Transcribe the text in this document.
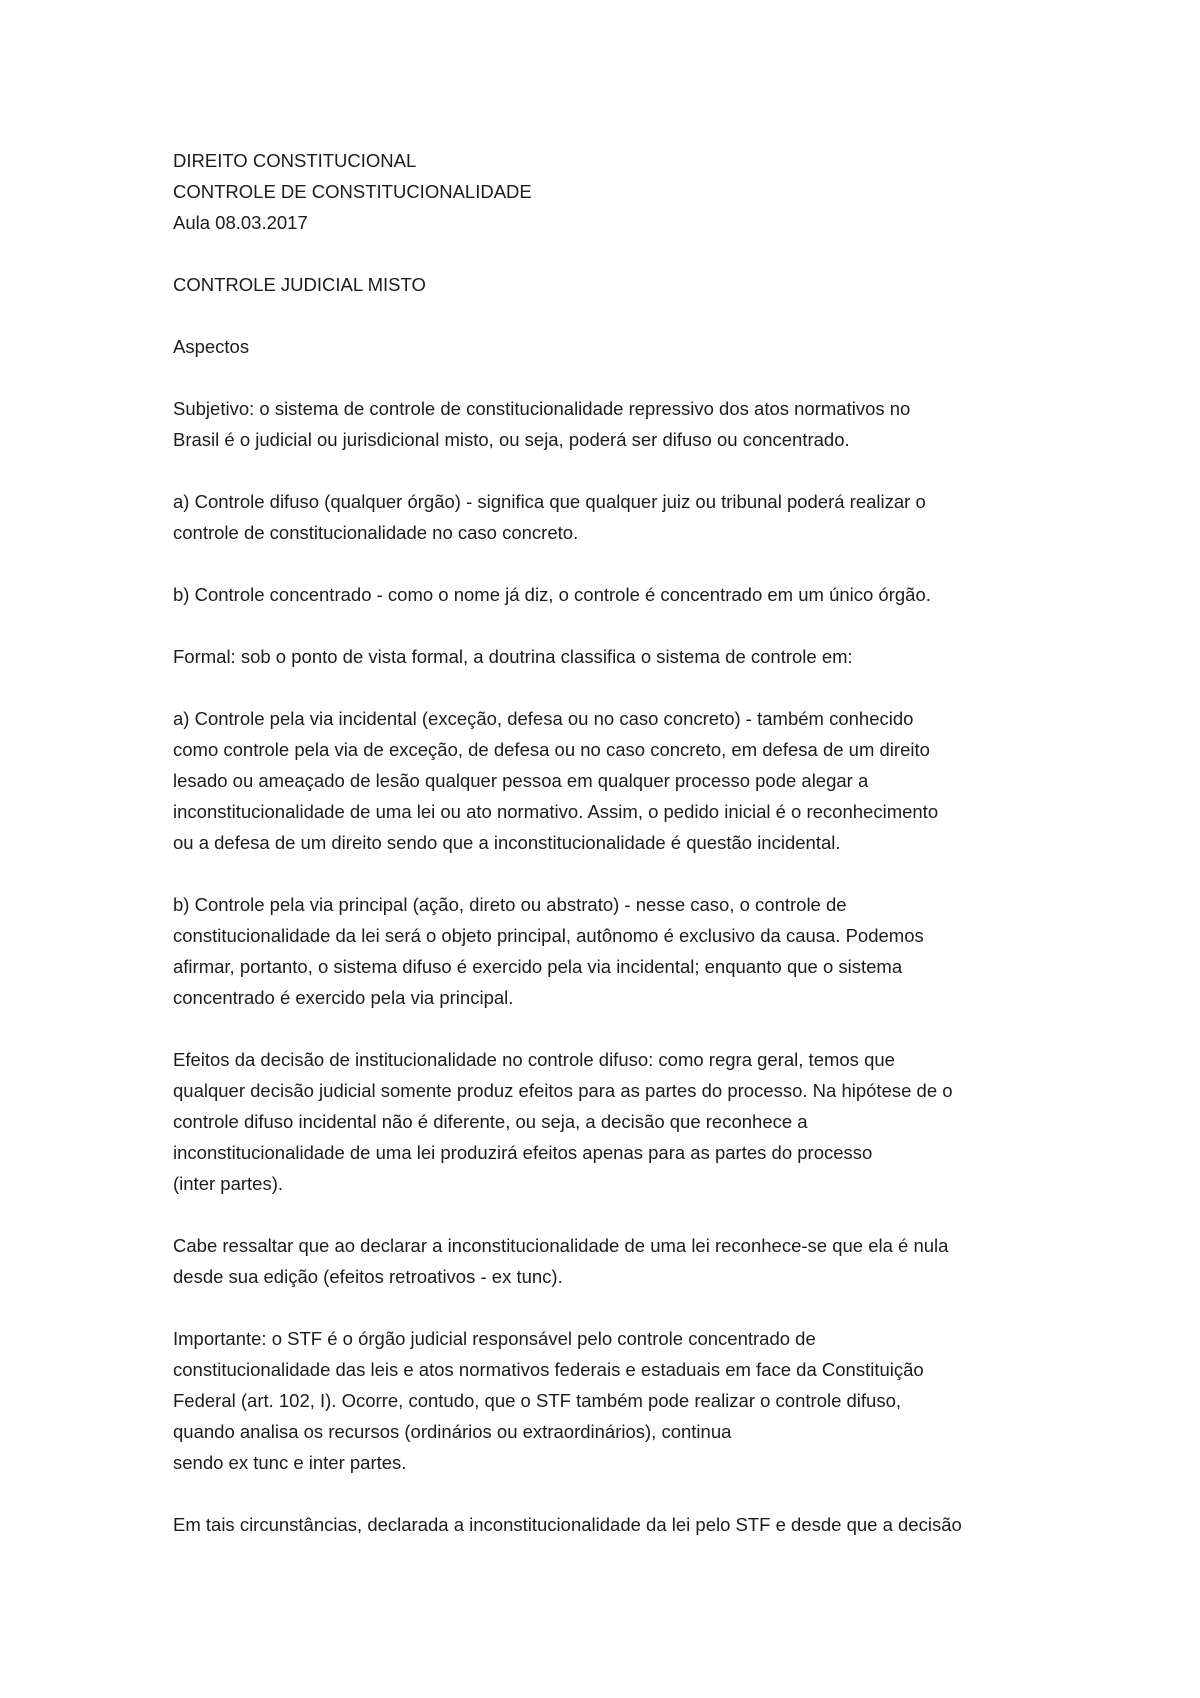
DIREITO CONSTITUCIONAL
CONTROLE DE CONSTITUCIONALIDADE
Aula 08.03.2017
CONTROLE JUDICIAL MISTO
Aspectos
Subjetivo: o sistema de controle de constitucionalidade repressivo dos atos normativos no
Brasil é o judicial ou jurisdicional misto, ou seja, poderá ser difuso ou concentrado.
a) Controle difuso (qualquer órgão) - significa que qualquer juiz ou tribunal poderá realizar o
controle de constitucionalidade no caso concreto.
b) Controle concentrado - como o nome já diz, o controle é concentrado em um único órgão.
Formal: sob o ponto de vista formal, a doutrina classifica o sistema de controle em:
a) Controle pela via incidental (exceção, defesa ou no caso concreto) - também conhecido
como controle pela via de exceção, de defesa ou no caso concreto, em defesa de um direito
lesado ou ameaçado de lesão qualquer pessoa em qualquer processo pode alegar a
inconstitucionalidade de uma lei ou ato normativo. Assim, o pedido inicial é o reconhecimento
ou a defesa de um direito sendo que a inconstitucionalidade é questão incidental.
b) Controle pela via principal (ação, direto ou abstrato) - nesse caso, o controle de
constitucionalidade da lei será o objeto principal, autônomo é exclusivo da causa. Podemos
afirmar, portanto, o sistema difuso é exercido pela via incidental; enquanto que o sistema
concentrado é exercido pela via principal.
Efeitos da decisão de institucionalidade no controle difuso: como regra geral, temos que
qualquer decisão judicial somente produz efeitos para as partes do processo. Na hipótese de o
controle difuso incidental não é diferente, ou seja, a decisão que reconhece a
inconstitucionalidade de uma lei produzirá efeitos apenas para as partes do processo
(inter partes).
Cabe ressaltar que ao declarar a inconstitucionalidade de uma lei reconhece-se que ela é nula
desde sua edição (efeitos retroativos - ex tunc).
Importante: o STF é o órgão judicial responsável pelo controle concentrado de
constitucionalidade das leis e atos normativos federais e estaduais em face da Constituição
Federal (art. 102, I). Ocorre, contudo, que o STF também pode realizar o controle difuso,
quando analisa os recursos (ordinários ou extraordinários), continua
sendo ex tunc e inter partes.
Em tais circunstâncias, declarada a inconstitucionalidade da lei pelo STF e desde que a decisão
